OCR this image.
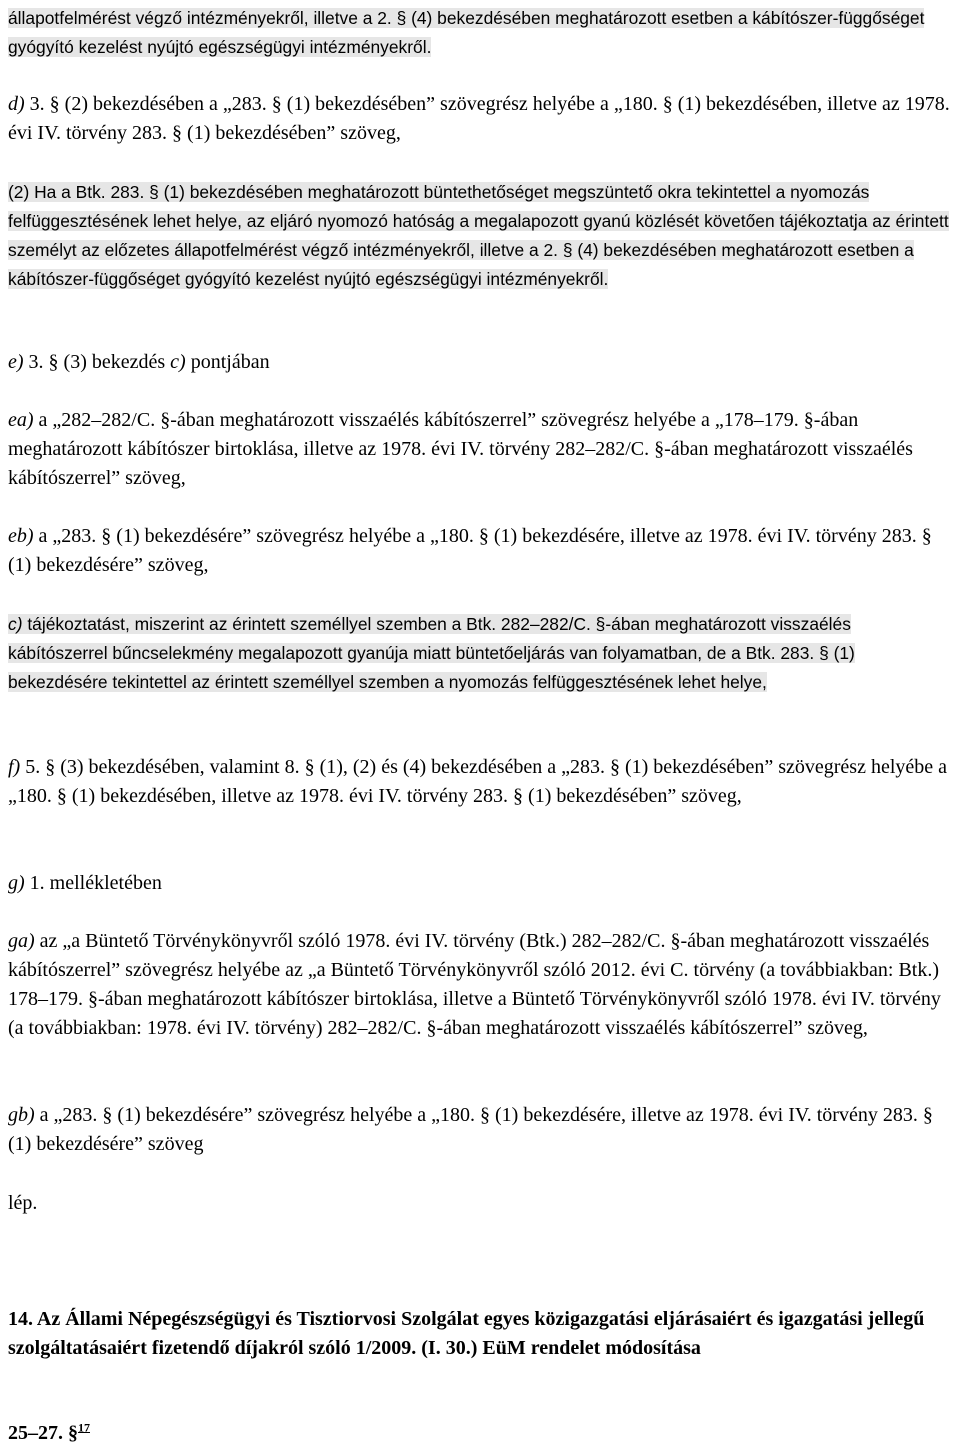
állapotfelmérést végző intézményekről, illetve a 2. § (4) bekezdésében meghatározott esetben a kábítószer-függőséget gyógyító kezelést nyújtó egészségügyi intézményekről.

d) 3. § (2) bekezdésében a „283. § (1) bekezdésében” szövegrész helyébe a „180. § (1) bekezdésében, illetve az 1978. évi IV. törvény 283. § (1) bekezdésében” szöveg,

(2) Ha a Btk. 283. § (1) bekezdésében meghatározott büntethetőséget megszüntető okra tekintettel a nyomozás felfüggesztésének lehet helye, az eljáró nyomozó hatóság a megalapozott gyanú közlését követően tájékoztatja az érintett személyt az előzetes állapotfelmérést végző intézményekről, illetve a 2. § (4) bekezdésében meghatározott esetben a kábítószer-függőséget gyógyító kezelést nyújtó egészségügyi intézményekről.

e) 3. § (3) bekezdés c) pontjában

ea) a „282–282/C. §-ában meghatározott visszaélés kábítószerrel” szövegrész helyébe a „178–179. §-ában meghatározott kábítószer birtoklása, illetve az 1978. évi IV. törvény 282–282/C. §-ában meghatározott visszaélés kábítószerrel” szöveg,

eb) a „283. § (1) bekezdésére” szövegrész helyébe a „180. § (1) bekezdésére, illetve az 1978. évi IV. törvény 283. § (1) bekezdésére” szöveg,

c) tájékoztatást, miszerint az érintett személlyel szemben a Btk. 282–282/C. §-ában meghatározott visszaélés kábítószerrel bűncselekmény megalapozott gyanúja miatt büntetőeljárás van folyamatban, de a Btk. 283. § (1) bekezdésére tekintettel az érintett személlyel szemben a nyomozás felfüggesztésének lehet helye,

f) 5. § (3) bekezdésében, valamint 8. § (1), (2) és (4) bekezdésében a „283. § (1) bekezdésében” szövegrész helyébe a „180. § (1) bekezdésében, illetve az 1978. évi IV. törvény 283. § (1) bekezdésében” szöveg,

g) 1. mellékletében

ga) az „a Büntető Törvénykönyvről szóló 1978. évi IV. törvény (Btk.) 282–282/C. §-ában meghatározott visszaélés kábítószerrel” szövegrész helyébe az „a Büntető Törvénykönyvről szóló 2012. évi C. törvény (a továbbiakban: Btk.) 178–179. §-ában meghatározott kábítószer birtoklása, illetve a Büntető Törvénykönyvről szóló 1978. évi IV. törvény (a továbbiakban: 1978. évi IV. törvény) 282–282/C. §-ában meghatározott visszaélés kábítószerrel” szöveg,

gb) a „283. § (1) bekezdésére” szövegrész helyébe a „180. § (1) bekezdésére, illetve az 1978. évi IV. törvény 283. § (1) bekezdésére” szöveg

lép.

14. Az Állami Népegészségügyi és Tisztiorvosi Szolgálat egyes közigazgatási eljárásaiért és igazgatási jellegű szolgáltatásaiért fizetendő díjakról szóló 1/2009. (I. 30.) EüM rendelet módosítása

25–27. §$^{17}$
